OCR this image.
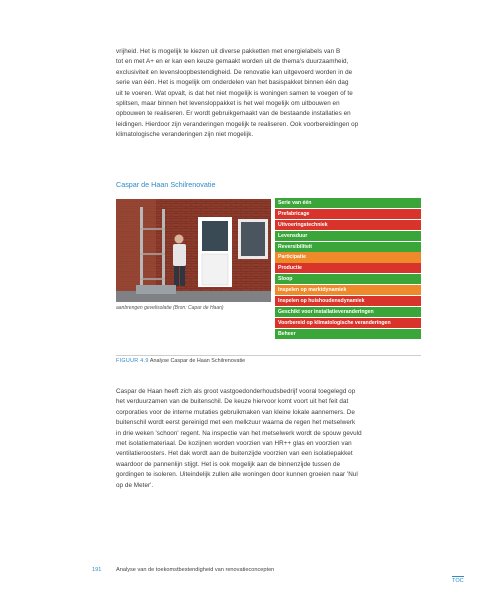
vrijheid. Het is mogelijk te kiezen uit diverse pakketten met energielabels van B
tot en met A+ en er kan een keuze gemaakt worden uit de thema's duurzaamheid,
exclusiviteit en levensloopbestendigheid. De renovatie kan uitgevoerd worden in de
serie van één. Het is mogelijk om onderdelen van het basispakket binnen één dag
uit te voeren. Wat opvalt, is dat het niet mogelijk is woningen samen te voegen of te
splitsen, maar binnen het levensloppakket is het wel mogelijk om uitbouwen en
opbouwen te realiseren. Er wordt gebruikgemaakt van de bestaande installaties en
leidingen. Hierdoor zijn veranderingen mogelijk te realiseren. Ook voorbereidingen op
klimatologische veranderingen zijn niet mogelijk.

Caspar de Haan Schilrenovatie

aanbrengen gevelisolatie (Bron: Capar de Haan)

Serie van één
Prefabricage
Uitvoeringstechniek
Levensduur
Reversibiliteit
Participatie
Productie
Sloop
Inspelen op marktdynamiek
Inspelen op huishoudensdynamiek
Geschikt voor installatieveranderingen
Voorbereid op klimatologische veranderingen
Beheer

FIGUUR 4.9 Analyse Caspar de Haan Schilrenovatie

Caspar de Haan heeft zich als groot vastgoedonderhoudsbedrijf vooral toegelegd op
het verduurzamen van de buitenschil. De keuze hiervoor komt voort uit het feit dat
corporaties voor de interne mutaties gebruikmaken van kleine lokale aannemers. De
buitenschil wordt eerst gereinigd met een melkzuur waarna de regen het metselwerk
in drie weken 'schoon' regent. Na inspectie van het metselwerk wordt de spouw gevuld
met isolatiemateriaal. De kozijnen worden voorzien van HR++ glas en voorzien van
ventilatieroosters. Het dak wordt aan de buitenzijde voorzien van een isolatiepakket
waardoor de pannenlijn stijgt. Het is ook mogelijk aan de binnenzijde tussen de
gordingen te isoleren. Uiteindelijk zullen alle woningen door kunnen groeien naar 'Nul
op de Meter'.

191	Analyse van de toekomstbestendigheid van renovatieconcepten

TOC
